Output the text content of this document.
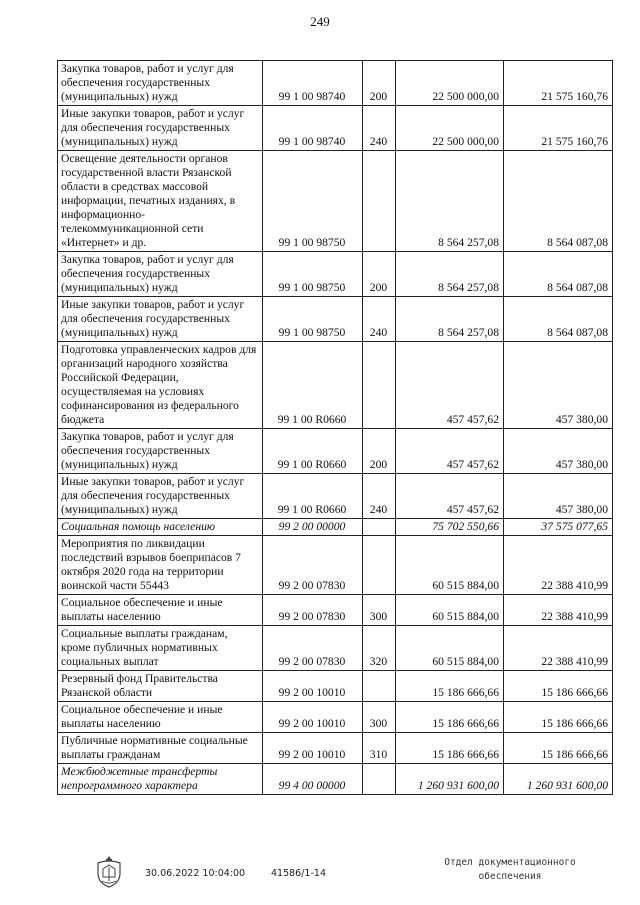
249
Закупка товаров, работ и услуг для обеспечения государственных (муниципальных) нужд	99 1 00 98740	200	22 500 000,00	21 575 160,76
Иные закупки товаров, работ и услуг для обеспечения государственных (муниципальных) нужд	99 1 00 98740	240	22 500 000,00	21 575 160,76
Освещение деятельности органов государственной власти Рязанской области в средствах массовой информации, печатных изданиях, в информационно-телекоммуникационной сети «Интернет» и др.	99 1 00 98750		8 564 257,08	8 564 087,08
Закупка товаров, работ и услуг для обеспечения государственных (муниципальных) нужд	99 1 00 98750	200	8 564 257,08	8 564 087,08
Иные закупки товаров, работ и услуг для обеспечения государственных (муниципальных) нужд	99 1 00 98750	240	8 564 257,08	8 564 087,08
Подготовка управленческих кадров для организаций народного хозяйства Российской Федерации, осуществляемая на условиях софинансирования из федерального бюджета	99 1 00 R0660		457 457,62	457 380,00
Закупка товаров, работ и услуг для обеспечения государственных (муниципальных) нужд	99 1 00 R0660	200	457 457,62	457 380,00
Иные закупки товаров, работ и услуг для обеспечения государственных (муниципальных) нужд	99 1 00 R0660	240	457 457,62	457 380,00
Социальная помощь населению	99 2 00 00000		75 702 550,66	37 575 077,65
Мероприятия по ликвидации последствий взрывов боеприпасов 7 октября 2020 года на территории воинской части 55443	99 2 00 07830		60 515 884,00	22 388 410,99
Социальное обеспечение и иные выплаты населению	99 2 00 07830	300	60 515 884,00	22 388 410,99
Социальные выплаты гражданам, кроме публичных нормативных социальных выплат	99 2 00 07830	320	60 515 884,00	22 388 410,99
Резервный фонд Правительства Рязанской области	99 2 00 10010		15 186 666,66	15 186 666,66
Социальное обеспечение и иные выплаты населению	99 2 00 10010	300	15 186 666,66	15 186 666,66
Публичные нормативные социальные выплаты гражданам	99 2 00 10010	310	15 186 666,66	15 186 666,66
Межбюджетные трансферты непрограммного характера	99 4 00 00000		1 260 931 600,00	1 260 931 600,00
30.06.2022 10:04:00	41586/1-14
Отдел документационного
обеспечения
